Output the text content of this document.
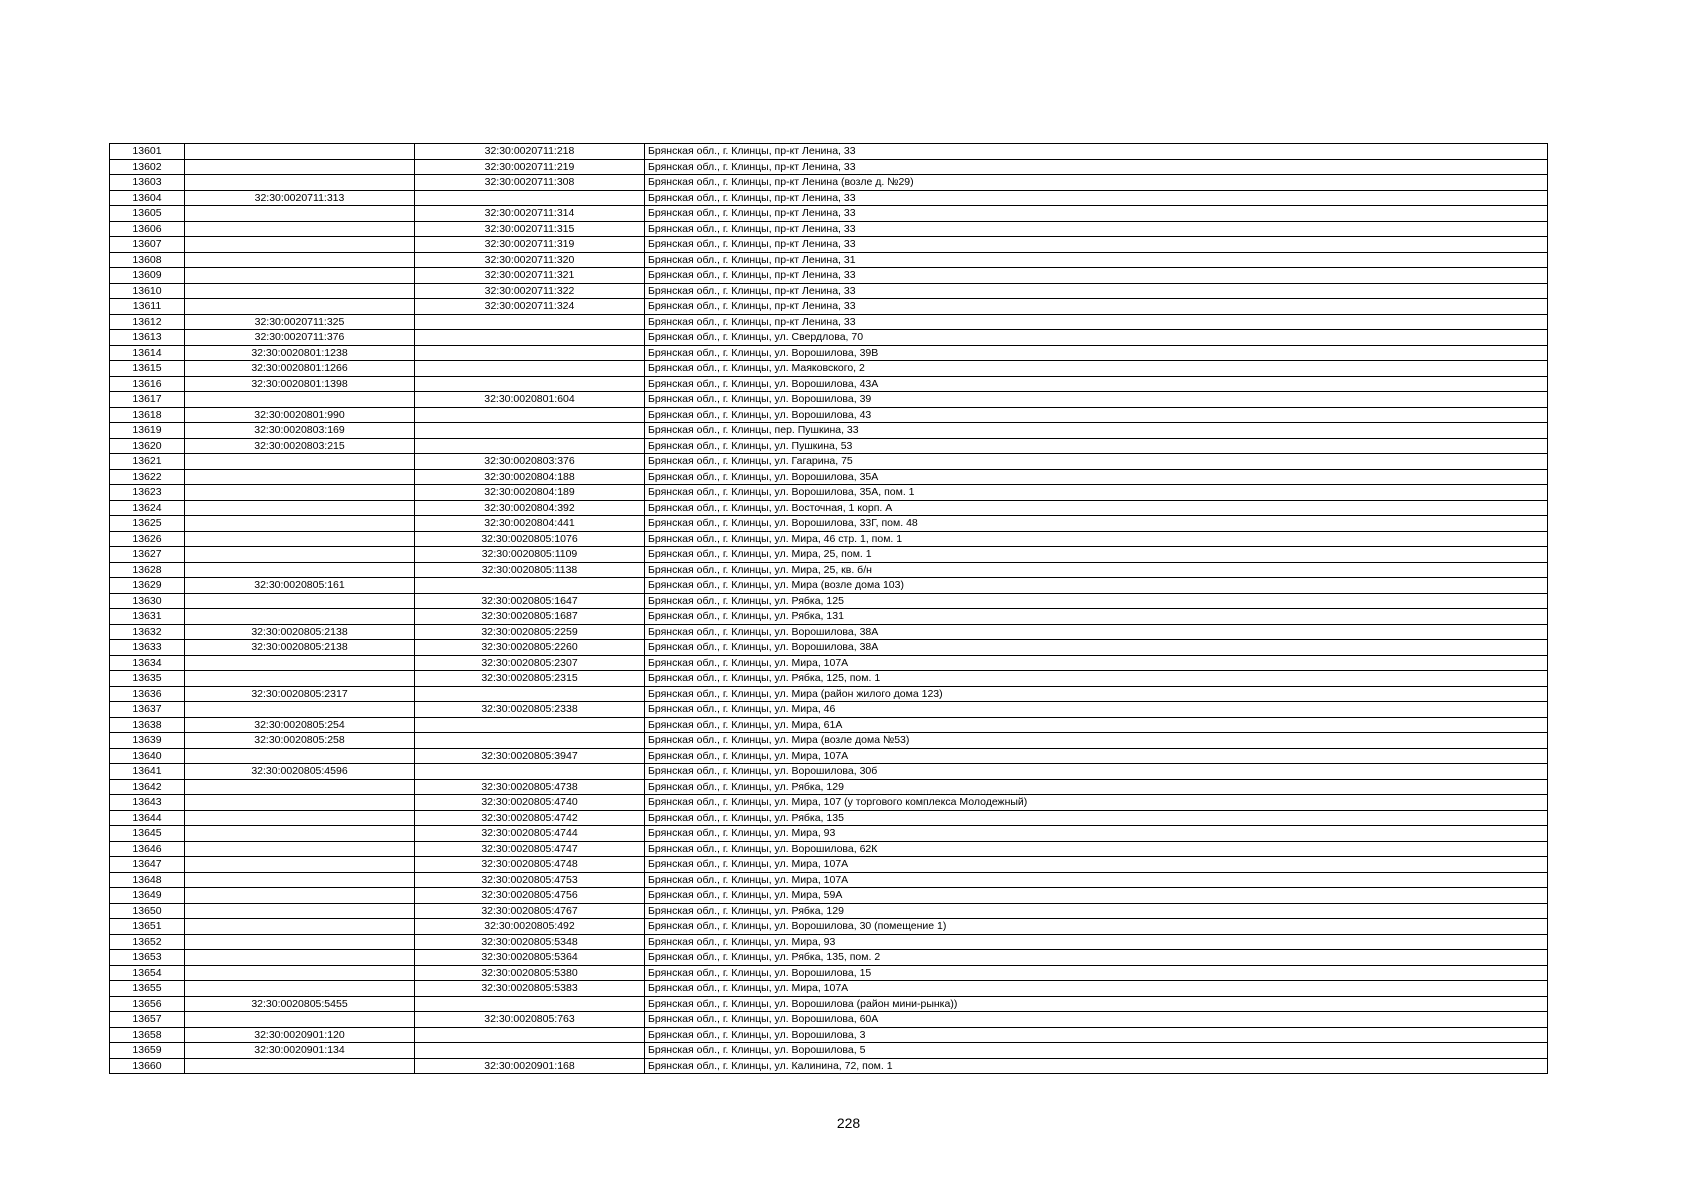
13601		32:30:0020711:218	Брянская обл., г. Клинцы, пр-кт Ленина, 33
13602		32:30:0020711:219	Брянская обл., г. Клинцы, пр-кт Ленина, 33
13603		32:30:0020711:308	Брянская обл., г. Клинцы, пр-кт Ленина (возле д. №29)
13604	32:30:0020711:313		Брянская обл., г. Клинцы, пр-кт Ленина, 33
13605		32:30:0020711:314	Брянская обл., г. Клинцы, пр-кт Ленина, 33
13606		32:30:0020711:315	Брянская обл., г. Клинцы, пр-кт Ленина, 33
13607		32:30:0020711:319	Брянская обл., г. Клинцы, пр-кт Ленина, 33
13608		32:30:0020711:320	Брянская обл., г. Клинцы, пр-кт Ленина, 31
13609		32:30:0020711:321	Брянская обл., г. Клинцы, пр-кт Ленина, 33
13610		32:30:0020711:322	Брянская обл., г. Клинцы, пр-кт Ленина, 33
13611		32:30:0020711:324	Брянская обл., г. Клинцы, пр-кт Ленина, 33
13612	32:30:0020711:325		Брянская обл., г. Клинцы, пр-кт Ленина, 33
13613	32:30:0020711:376		Брянская обл., г. Клинцы, ул. Свердлова, 70
13614	32:30:0020801:1238		Брянская обл., г. Клинцы, ул. Ворошилова, 39В
13615	32:30:0020801:1266		Брянская обл., г. Клинцы, ул. Маяковского, 2
13616	32:30:0020801:1398		Брянская обл., г. Клинцы, ул. Ворошилова, 43А
13617		32:30:0020801:604	Брянская обл., г. Клинцы, ул. Ворошилова, 39
13618	32:30:0020801:990		Брянская обл., г. Клинцы, ул. Ворошилова, 43
13619	32:30:0020803:169		Брянская обл., г. Клинцы, пер. Пушкина, 33
13620	32:30:0020803:215		Брянская обл., г. Клинцы, ул. Пушкина, 53
13621		32:30:0020803:376	Брянская обл., г. Клинцы, ул. Гагарина, 75
13622		32:30:0020804:188	Брянская обл., г. Клинцы, ул. Ворошилова, 35А
13623		32:30:0020804:189	Брянская обл., г. Клинцы, ул. Ворошилова, 35А, пом. 1
13624		32:30:0020804:392	Брянская обл., г. Клинцы, ул. Восточная, 1 корп. А
13625		32:30:0020804:441	Брянская обл., г. Клинцы, ул. Ворошилова, 33Г, пом. 48
13626		32:30:0020805:1076	Брянская обл., г. Клинцы, ул. Мира, 46 стр. 1, пом. 1
13627		32:30:0020805:1109	Брянская обл., г. Клинцы, ул. Мира, 25, пом. 1
13628		32:30:0020805:1138	Брянская обл., г. Клинцы, ул. Мира, 25, кв. б/н
13629	32:30:0020805:161		Брянская обл., г. Клинцы, ул. Мира (возле дома 103)
13630		32:30:0020805:1647	Брянская обл., г. Клинцы, ул. Рябка, 125
13631		32:30:0020805:1687	Брянская обл., г. Клинцы, ул. Рябка, 131
13632	32:30:0020805:2138	32:30:0020805:2259	Брянская обл., г. Клинцы, ул. Ворошилова, 38А
13633	32:30:0020805:2138	32:30:0020805:2260	Брянская обл., г. Клинцы, ул. Ворошилова, 38А
13634		32:30:0020805:2307	Брянская обл., г. Клинцы, ул. Мира, 107А
13635		32:30:0020805:2315	Брянская обл., г. Клинцы, ул. Рябка, 125, пом. 1
13636	32:30:0020805:2317		Брянская обл., г. Клинцы, ул. Мира (район жилого дома 123)
13637		32:30:0020805:2338	Брянская обл., г. Клинцы, ул. Мира, 46
13638	32:30:0020805:254		Брянская обл., г. Клинцы, ул. Мира, 61А
13639	32:30:0020805:258		Брянская обл., г. Клинцы, ул. Мира (возле дома №53)
13640		32:30:0020805:3947	Брянская обл., г. Клинцы, ул. Мира, 107А
13641	32:30:0020805:4596		Брянская обл., г. Клинцы, ул. Ворошилова, 30б
13642		32:30:0020805:4738	Брянская обл., г. Клинцы, ул. Рябка, 129
13643		32:30:0020805:4740	Брянская обл., г. Клинцы, ул. Мира, 107 (у торгового комплекса Молодежный)
13644		32:30:0020805:4742	Брянская обл., г. Клинцы, ул. Рябка, 135
13645		32:30:0020805:4744	Брянская обл., г. Клинцы, ул. Мира, 93
13646		32:30:0020805:4747	Брянская обл., г. Клинцы, ул. Ворошилова, 62К
13647		32:30:0020805:4748	Брянская обл., г. Клинцы, ул. Мира, 107А
13648		32:30:0020805:4753	Брянская обл., г. Клинцы, ул. Мира, 107А
13649		32:30:0020805:4756	Брянская обл., г. Клинцы, ул. Мира, 59А
13650		32:30:0020805:4767	Брянская обл., г. Клинцы, ул. Рябка, 129
13651		32:30:0020805:492	Брянская обл., г. Клинцы, ул. Ворошилова, 30 (помещение 1)
13652		32:30:0020805:5348	Брянская обл., г. Клинцы, ул. Мира, 93
13653		32:30:0020805:5364	Брянская обл., г. Клинцы, ул. Рябка, 135, пом. 2
13654		32:30:0020805:5380	Брянская обл., г. Клинцы, ул. Ворошилова, 15
13655		32:30:0020805:5383	Брянская обл., г. Клинцы, ул. Мира, 107А
13656	32:30:0020805:5455		Брянская обл., г. Клинцы, ул. Ворошилова (район мини-рынка))
13657		32:30:0020805:763	Брянская обл., г. Клинцы, ул. Ворошилова, 60А
13658	32:30:0020901:120		Брянская обл., г. Клинцы, ул. Ворошилова, 3
13659	32:30:0020901:134		Брянская обл., г. Клинцы, ул. Ворошилова, 5
13660		32:30:0020901:168	Брянская обл., г. Клинцы, ул. Калинина, 72, пом. 1
228
